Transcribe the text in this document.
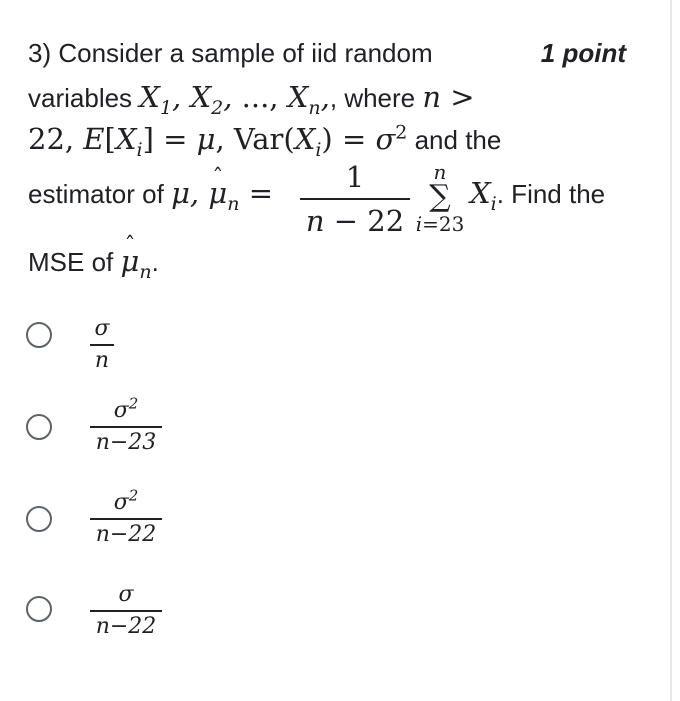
1 point
3) Consider a sample of iid random
variables $X_1$, $X_2$, ..., $X_n$,, where n >
22, $E[X_i] = \mu$, $Var(X_i) = \sigma^2$ and the
estimator of μ, ˆ $\mu_n$ =	1
n − 22
n
∑
i=23
$X_i$. Find the
MSE of ˆ $\mu_n$.
σ
n
$\sigma^2$
n−23
$\sigma^2$
n−22
σ
n−22
